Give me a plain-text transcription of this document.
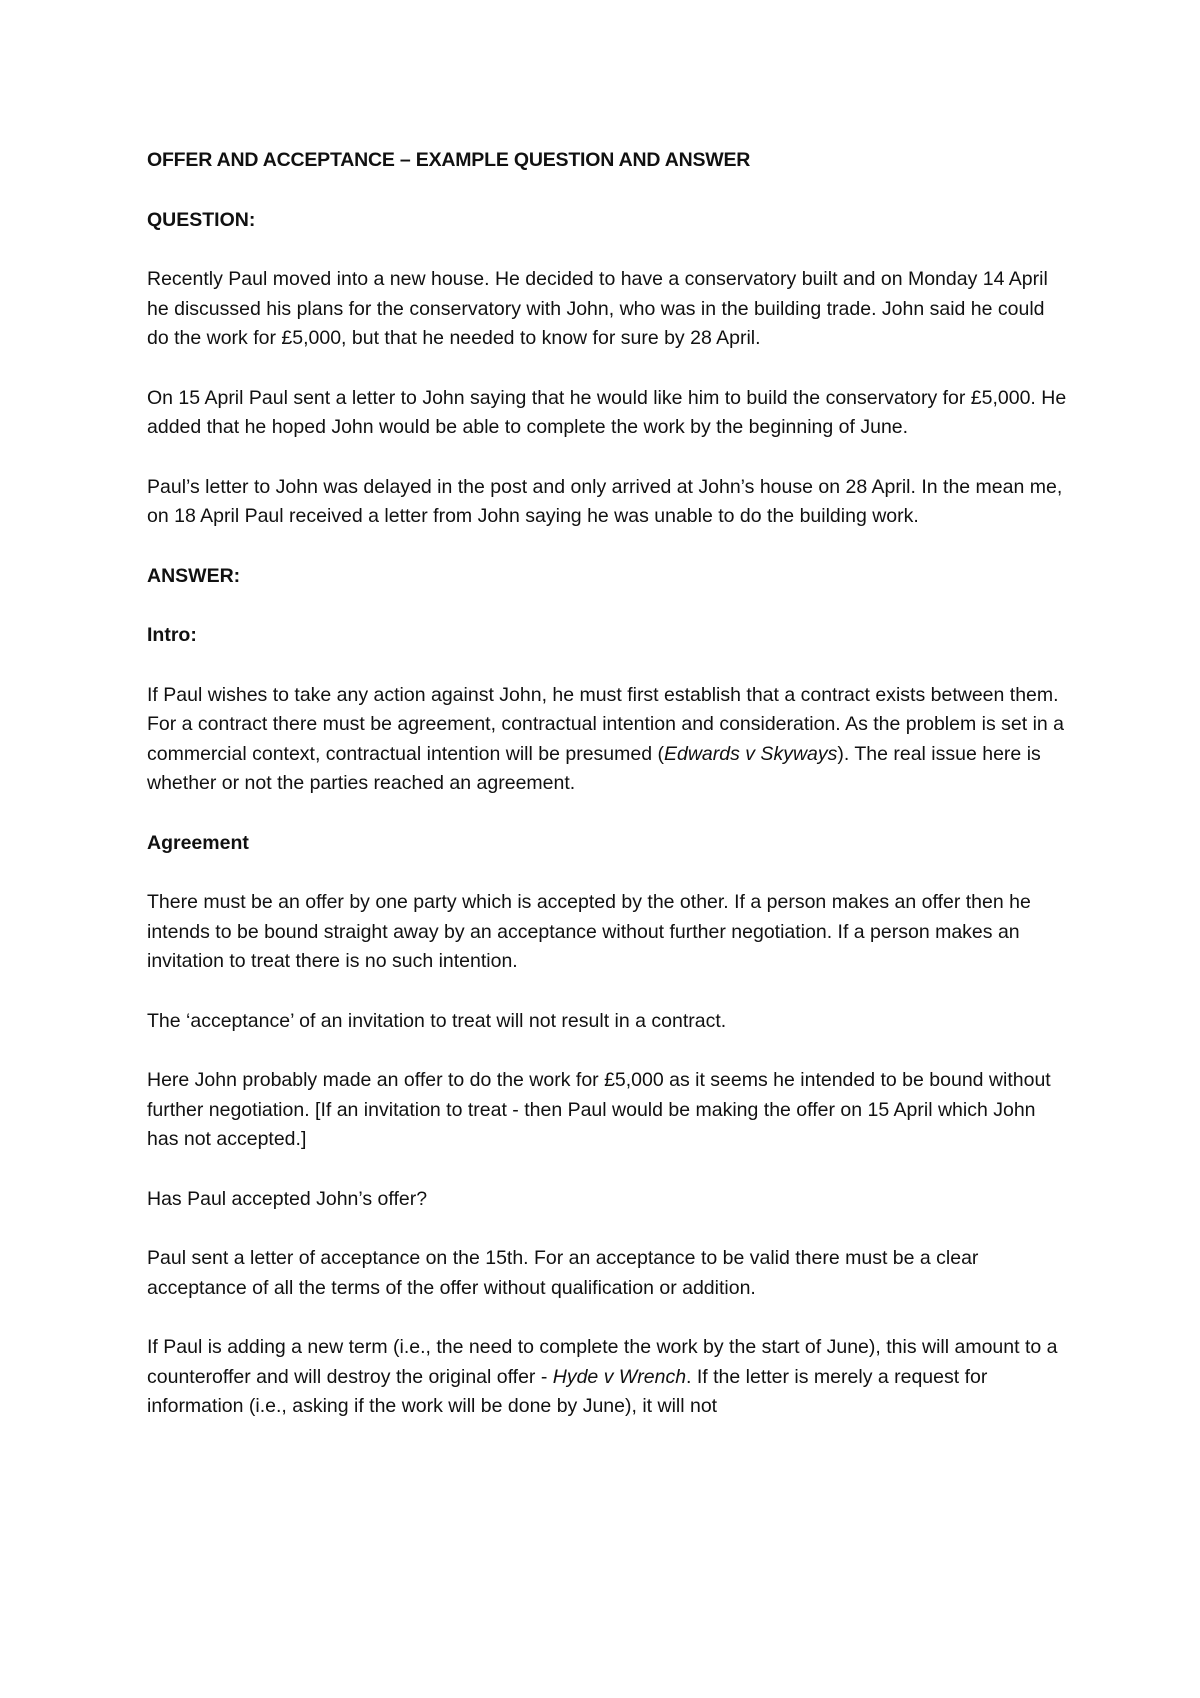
OFFER AND ACCEPTANCE – EXAMPLE QUESTION AND ANSWER

QUESTION:

Recently Paul moved into a new house. He decided to have a conservatory built and on Monday 14 April he discussed his plans for the conservatory with John, who was in the building trade. John said he could do the work for £5,000, but that he needed to know for sure by 28 April.

On 15 April Paul sent a letter to John saying that he would like him to build the conservatory for £5,000. He added that he hoped John would be able to complete the work by the beginning of June.

Paul’s letter to John was delayed in the post and only arrived at John’s house on 28 April. In the mean me, on 18 April Paul received a letter from John saying he was unable to do the building work.

ANSWER:

Intro:

If Paul wishes to take any action against John, he must first establish that a contract exists between them. For a contract there must be agreement, contractual intention and consideration. As the problem is set in a commercial context, contractual intention will be presumed (Edwards v Skyways). The real issue here is whether or not the parties reached an agreement.

Agreement

There must be an offer by one party which is accepted by the other. If a person makes an offer then he intends to be bound straight away by an acceptance without further negotiation. If a person makes an invitation to treat there is no such intention.

The ‘acceptance’ of an invitation to treat will not result in a contract.

Here John probably made an offer to do the work for £5,000 as it seems he intended to be bound without further negotiation. [If an invitation to treat - then Paul would be making the offer on 15 April which John has not accepted.]

Has Paul accepted John’s offer?

Paul sent a letter of acceptance on the 15th. For an acceptance to be valid there must be a clear acceptance of all the terms of the offer without qualification or addition.

If Paul is adding a new term (i.e., the need to complete the work by the start of June), this will amount to a counteroffer and will destroy the original offer - Hyde v Wrench. If the letter is merely a request for information (i.e., asking if the work will be done by June), it will not
